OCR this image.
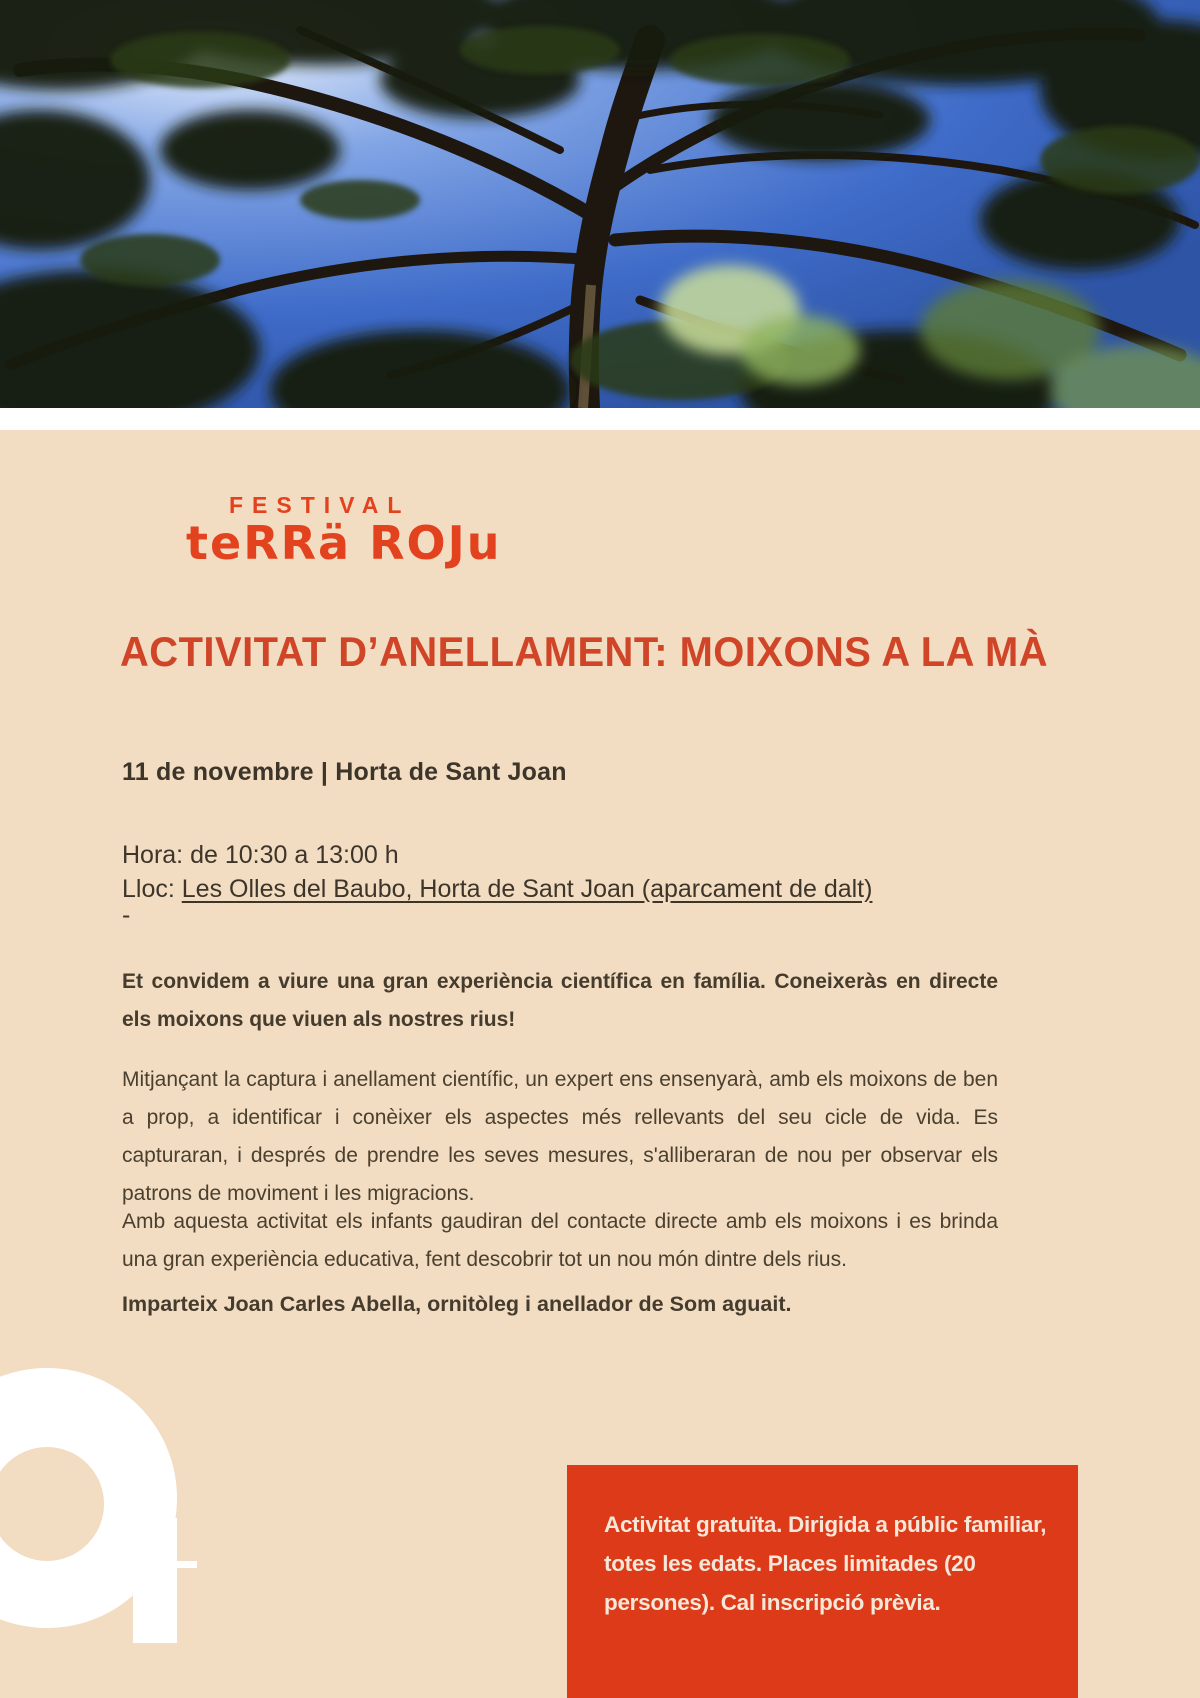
FESTIVAL
teRRä ROJu
ACTIVITAT D’ANELLAMENT: MOIXONS A LA MÀ
11 de novembre | Horta de Sant Joan
Hora: de 10:30 a 13:00 h
Lloc: Les Olles del Baubo, Horta de Sant Joan (aparcament de dalt)
-

Et convidem a viure una gran experiència científica en família. Coneixeràs en directe els moixons que viuen als nostres rius!

Mitjançant la captura i anellament científic, un expert ens ensenyarà, amb els moixons de ben a prop, a identificar i conèixer els aspectes més rellevants del seu cicle de vida. Es capturaran, i després de prendre les seves mesures, s'alliberaran de nou per observar els patrons de moviment i les migracions.

Amb aquesta activitat els infants gaudiran del contacte directe amb els moixons i es brinda una gran experiència educativa, fent descobrir tot un nou món dintre dels rius.

Imparteix Joan Carles Abella, ornitòleg i anellador de Som aguait.

Activitat gratuïta. Dirigida a públic familiar, totes les edats. Places limitades (20 persones). Cal inscripció prèvia.
